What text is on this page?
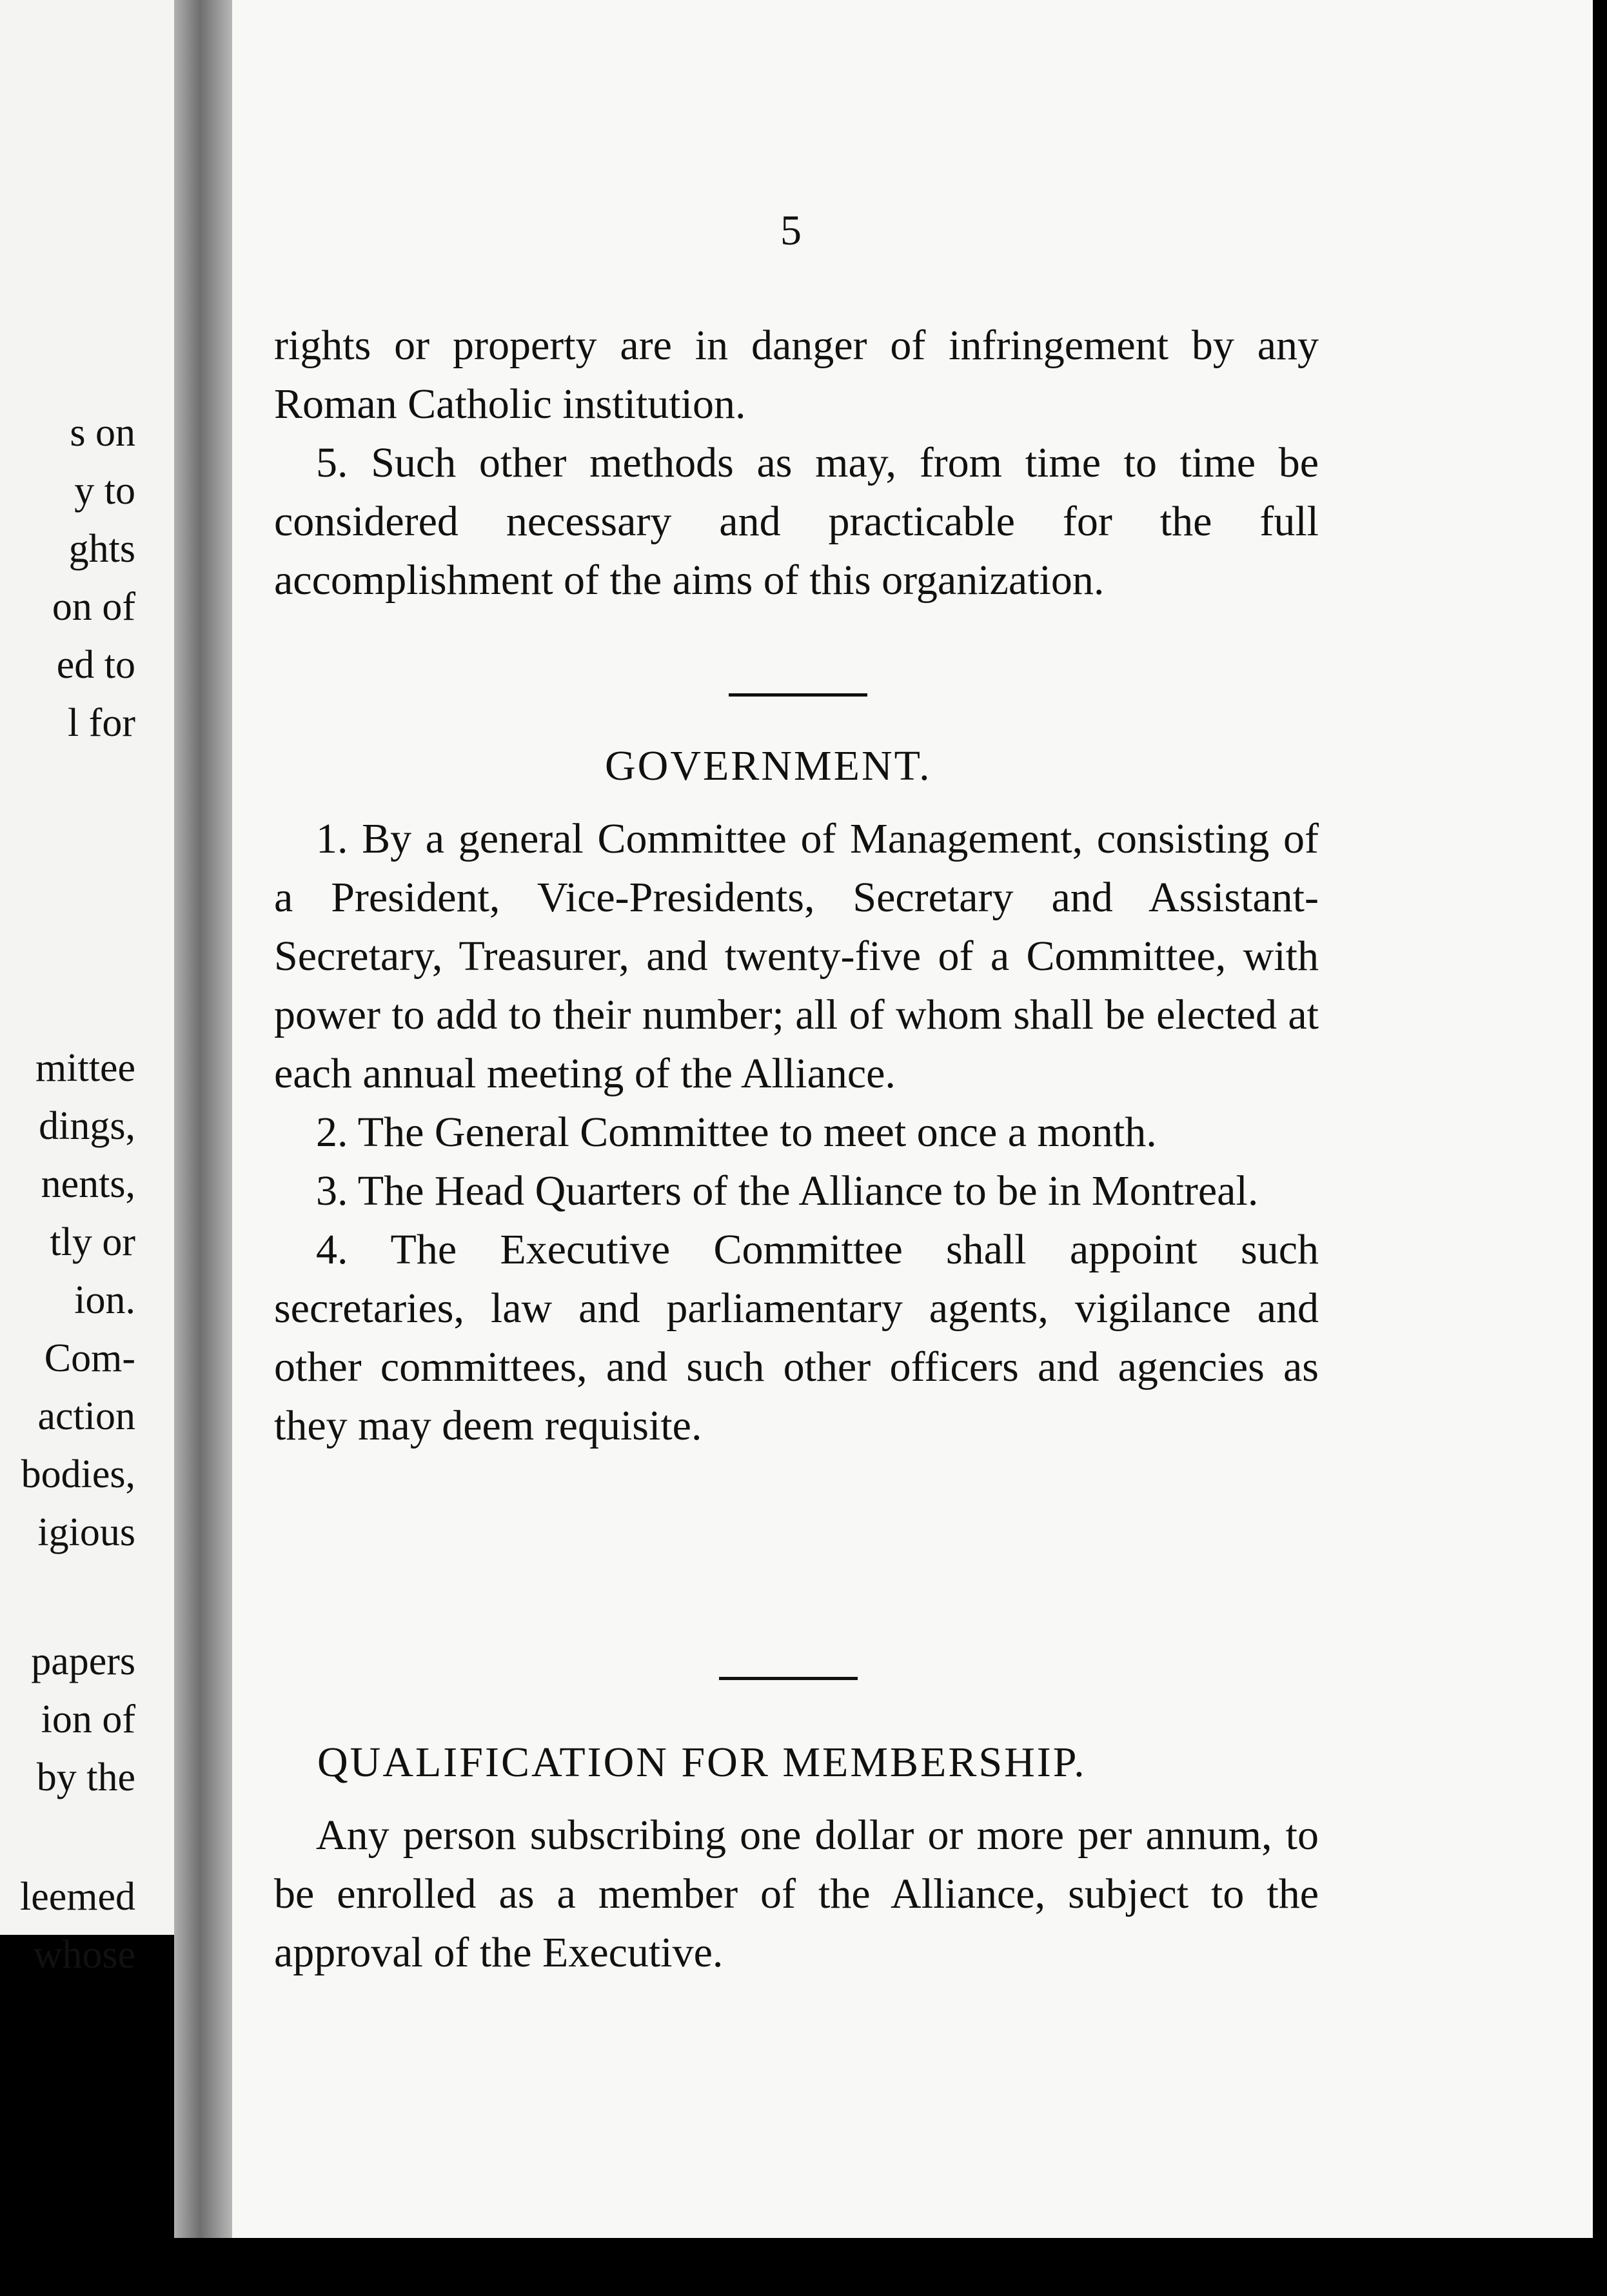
s on
y to
ghts
on of
ed to
l for
mittee
dings,
nents,
tly or
ion.
Com-
action
bodies,
igious
papers
ion of
by the
leemed
whose
5

rights or property are in danger of infringement by any Roman Catholic institution.

5. Such other methods as may, from time to time be considered necessary and practicable for the full accomplishment of the aims of this organization.

GOVERNMENT.

1. By a general Committee of Management, consisting of a President, Vice-Presidents, Secretary and Assistant-Secretary, Treasurer, and twenty-five of a Committee, with power to add to their number; all of whom shall be elected at each annual meeting of the Alliance.

2. The General Committee to meet once a month.

3. The Head Quarters of the Alliance to be in Montreal.

4. The Executive Committee shall appoint such secretaries, law and parliamentary agents, vigilance and other committees, and such other officers and agencies as they may deem requisite.

QUALIFICATION FOR MEMBERSHIP.

Any person subscribing one dollar or more per annum, to be enrolled as a member of the Alliance, subject to the approval of the Executive.
